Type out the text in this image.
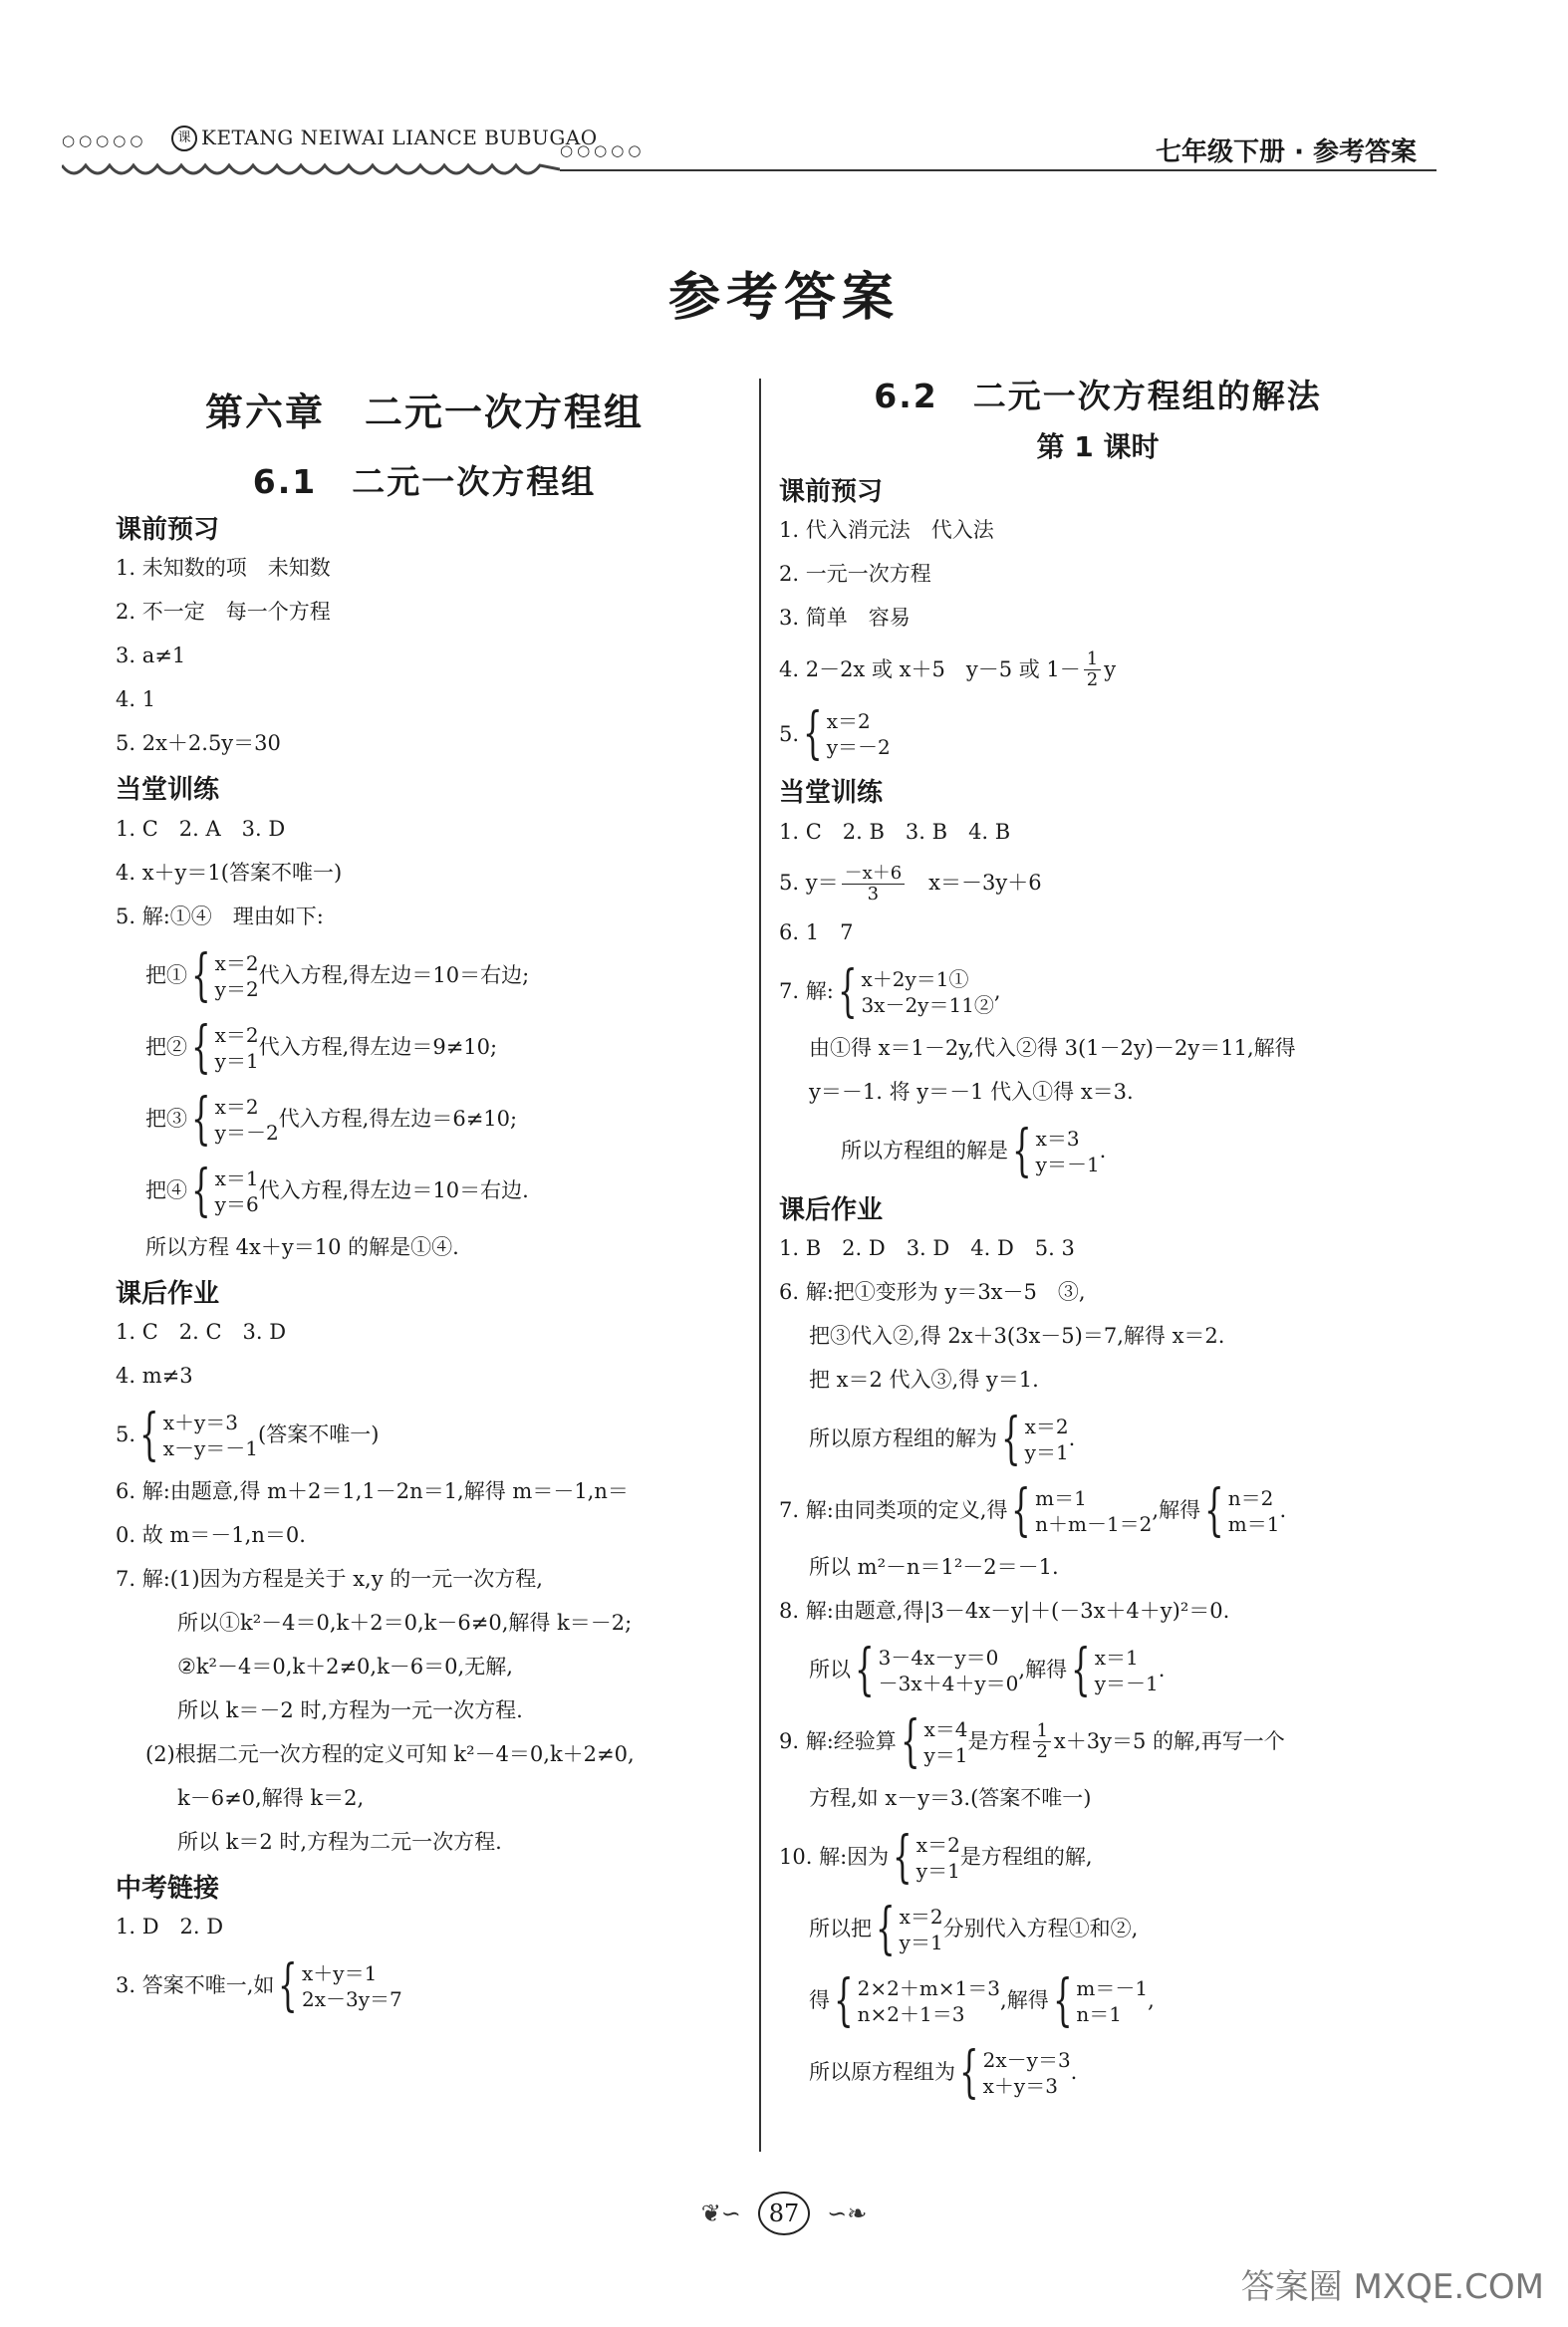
○○○○○	课 KETANG NEIWAI LIANCE BUBUGAO
○○○○○	七年级下册 · 参考答案
参考答案
第六章　二元一次方程组
6.1　二元一次方程组
课前预习
1. 未知数的项　未知数
2. 不一定　每一个方程
3. a≠1
4. 1
5. 2x＋2.5y＝30
当堂训练
1. C　2. A　3. D
4. x＋y＝1(答案不唯一)
5. 解:①④　理由如下:
把① { x＝2
y＝2
代入方程,得左边＝10＝右边;
把② { x＝2
y＝1
代入方程,得左边＝9≠10;
把③ { x＝2
y＝－2
代入方程,得左边＝6≠10;
把④ { x＝1
y＝6
代入方程,得左边＝10＝右边.
所以方程 4x＋y＝10 的解是①④.
课后作业
1. C　2. C　3. D
4. m≠3
5. { x＋y＝3
x－y＝－1
(答案不唯一)
6. 解:由题意,得 m＋2＝1,1－2n＝1,解得 m＝－1,n＝
0. 故 m＝－1,n＝0.
7. 解:(1)因为方程是关于 x,y 的一元一次方程,
所以①k²－4＝0,k＋2＝0,k－6≠0,解得 k＝－2;
②k²－4＝0,k＋2≠0,k－6＝0,无解,
所以 k＝－2 时,方程为一元一次方程.
(2)根据二元一次方程的定义可知 k²－4＝0,k＋2≠0,
k－6≠0,解得 k＝2,
所以 k＝2 时,方程为二元一次方程.
中考链接
1. D　2. D
3. 答案不唯一,如 { x＋y＝1
2x－3y＝7
6.2　二元一次方程组的解法
第 1 课时
课前预习
1. 代入消元法　代入法
2. 一元一次方程
3. 简单　容易
4. 2－2x 或 x＋5　y－5 或 $1- \frac{1}{2}$ y
5. { x＝2
y＝－2
当堂训练
1. C　2. B　3. B　4. B
5. $y= \frac{-x+6}{3}$ 　x＝－3y＋6
6. 1　7
7. 解: { x＋2y＝1①
3x－2y＝11②
,
由①得 x＝1－2y,代入②得 3(1－2y)－2y＝11,解得
y＝－1. 将 y＝－1 代入①得 x＝3.
所以方程组的解是 { x＝3
y＝－1
.
课后作业
1. B　2. D　3. D　4. D　5. 3
6. 解:把①变形为 y＝3x－5　③,
把③代入②,得 2x＋3(3x－5)＝7,解得 x＝2.
把 x＝2 代入③,得 y＝1.
所以原方程组的解为 { x＝2
y＝1
.
7. 解:由同类项的定义,得 { m＝1
n＋m－1＝2
,解得 { n＝2
m＝1
.
所以 m²－n＝1²－2＝－1.
8. 解:由题意,得|3－4x－y|＋(－3x＋4＋y)²＝0.
所以 { 3－4x－y＝0
－3x＋4＋y＝0
,解得 { x＝1
y＝－1
.
9. 解:经验算 { x＝4
y＝1
是方程 $\frac{1}{2} x+3y=5$ 的解,再写一个
方程,如 x－y＝3.(答案不唯一)
10. 解:因为 { x＝2
y＝1
是方程组的解,
所以把 { x＝2
y＝1
分别代入方程①和②,
得 { 2×2＋m×1＝3
n×2＋1＝3
,解得 { m＝－1
n＝1
,
所以原方程组为 { 2x－y＝3
x＋y＝3
.
❦∽ 87 ∽❧
答案圈 MXQE.COM
